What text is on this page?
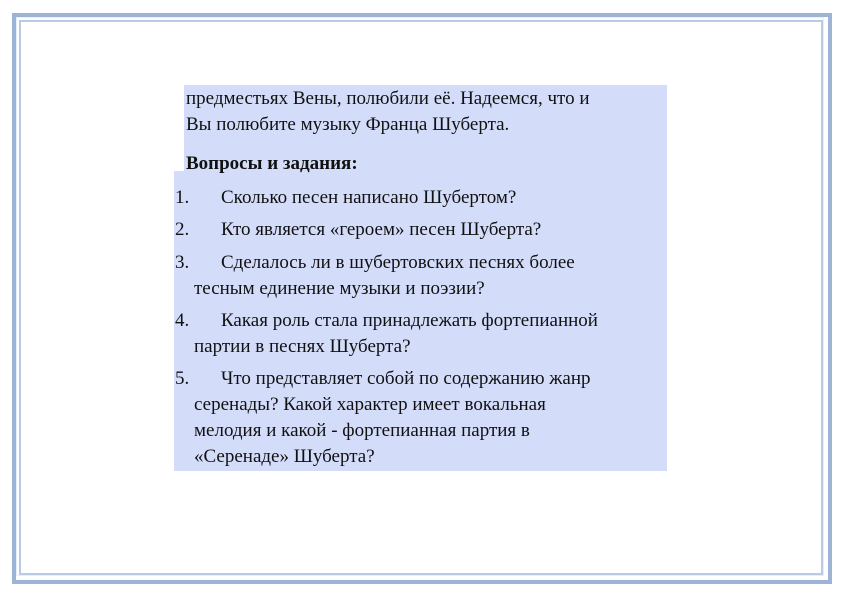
предместьях Вены, полюбили её. Надеемся, что и
Вы полюбите музыку Франца Шуберта.
Вопросы и задания:
1. Сколько песен написано Шубертом?
2. Кто является «героем» песен Шуберта?
3. Сделалось ли в шубертовских песнях более
тесным единение музыки и поэзии?
4. Какая роль стала принадлежать фортепианной
партии в песнях Шуберта?
5. Что представляет собой по содержанию жанр
серенады? Какой характер имеет вокальная
мелодия и какой - фортепианная партия в
«Серенаде» Шуберта?
